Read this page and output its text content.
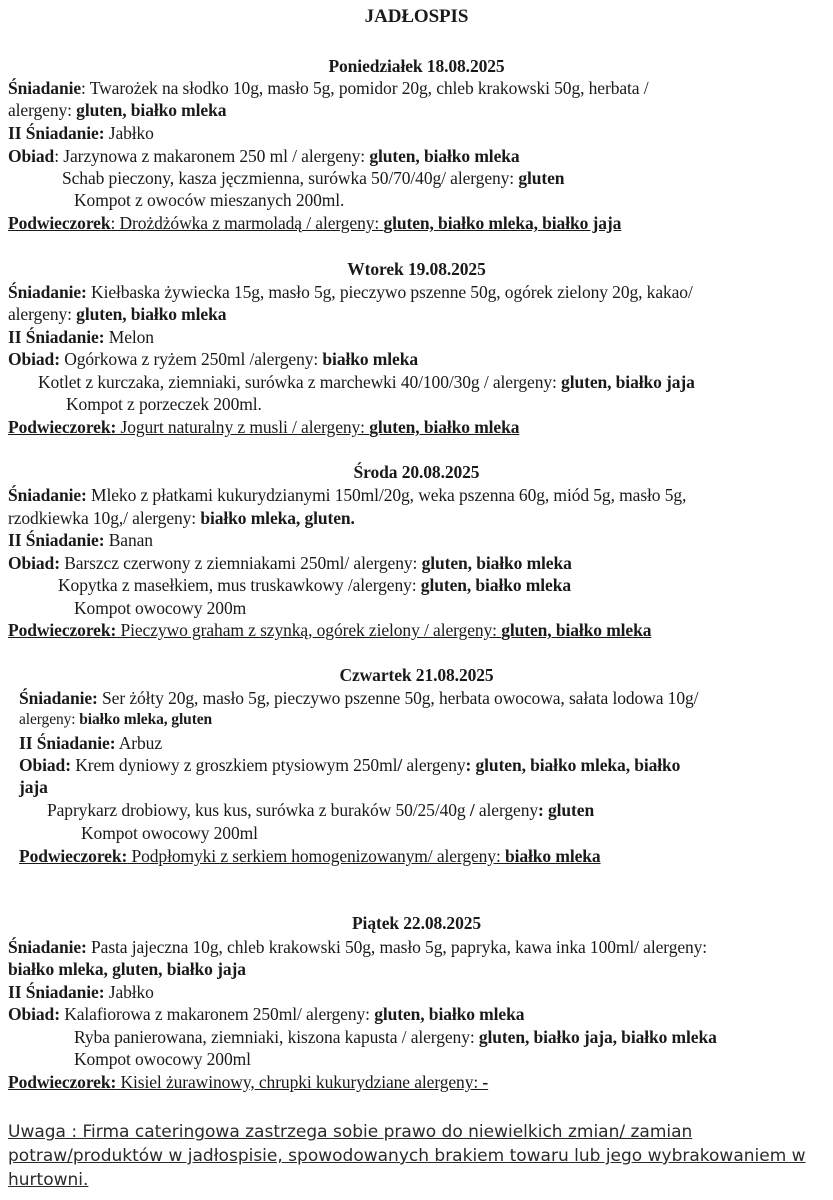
JADŁOSPIS
Poniedziałek 18.08.2025
Śniadanie: Twarożek na słodko 10g, masło 5g, pomidor 20g, chleb krakowski 50g, herbata /
alergeny: gluten, białko mleka
II Śniadanie: Jabłko
Obiad: Jarzynowa z makaronem 250 ml / alergeny: gluten, białko mleka
Schab pieczony, kasza jęczmienna, surówka 50/70/40g/ alergeny: gluten
Kompot z owoców mieszanych 200ml.
Podwieczorek: Drożdżówka z marmoladą / alergeny: gluten, białko mleka, białko jaja
Wtorek 19.08.2025
Śniadanie: Kiełbaska żywiecka 15g, masło 5g, pieczywo pszenne 50g, ogórek zielony 20g, kakao/
alergeny: gluten, białko mleka
II Śniadanie: Melon
Obiad: Ogórkowa z ryżem 250ml /alergeny: białko mleka
Kotlet z kurczaka, ziemniaki, surówka z marchewki 40/100/30g / alergeny: gluten, białko jaja
Kompot z porzeczek 200ml.
Podwieczorek: Jogurt naturalny z musli / alergeny: gluten, białko mleka
Środa 20.08.2025
Śniadanie: Mleko z płatkami kukurydzianymi 150ml/20g, weka pszenna 60g, miód 5g, masło 5g,
rzodkiewka 10g,/ alergeny: białko mleka, gluten.
II Śniadanie: Banan
Obiad: Barszcz czerwony z ziemniakami 250ml/ alergeny: gluten, białko mleka
Kopytka z masełkiem, mus truskawkowy /alergeny: gluten, białko mleka
Kompot owocowy 200m
Podwieczorek: Pieczywo graham z szynką, ogórek zielony / alergeny: gluten, białko mleka
Czwartek 21.08.2025
Śniadanie: Ser żółty 20g, masło 5g, pieczywo pszenne 50g, herbata owocowa, sałata lodowa 10g/
alergeny: białko mleka, gluten
II Śniadanie: Arbuz
Obiad: Krem dyniowy z groszkiem ptysiowym 250ml/ alergeny: gluten, białko mleka, białko
jaja
Paprykarz drobiowy, kus kus, surówka z buraków 50/25/40g / alergeny: gluten
Kompot owocowy 200ml
Podwieczorek: Podpłomyki z serkiem homogenizowanym/ alergeny: białko mleka
Piątek 22.08.2025
Śniadanie: Pasta jajeczna 10g, chleb krakowski 50g, masło 5g, papryka, kawa inka 100ml/ alergeny:
białko mleka, gluten, białko jaja
II Śniadanie: Jabłko
Obiad: Kalafiorowa z makaronem 250ml/ alergeny: gluten, białko mleka
Ryba panierowana, ziemniaki, kiszona kapusta / alergeny: gluten, białko jaja, białko mleka
Kompot owocowy 200ml
Podwieczorek: Kisiel żurawinowy, chrupki kukurydziane alergeny: -
Uwaga : Firma cateringowa zastrzega sobie prawo do niewielkich zmian/ zamian potraw/produktów w jadłospisie, spowodowanych brakiem towaru lub jego wybrakowaniem w hurtowni.
